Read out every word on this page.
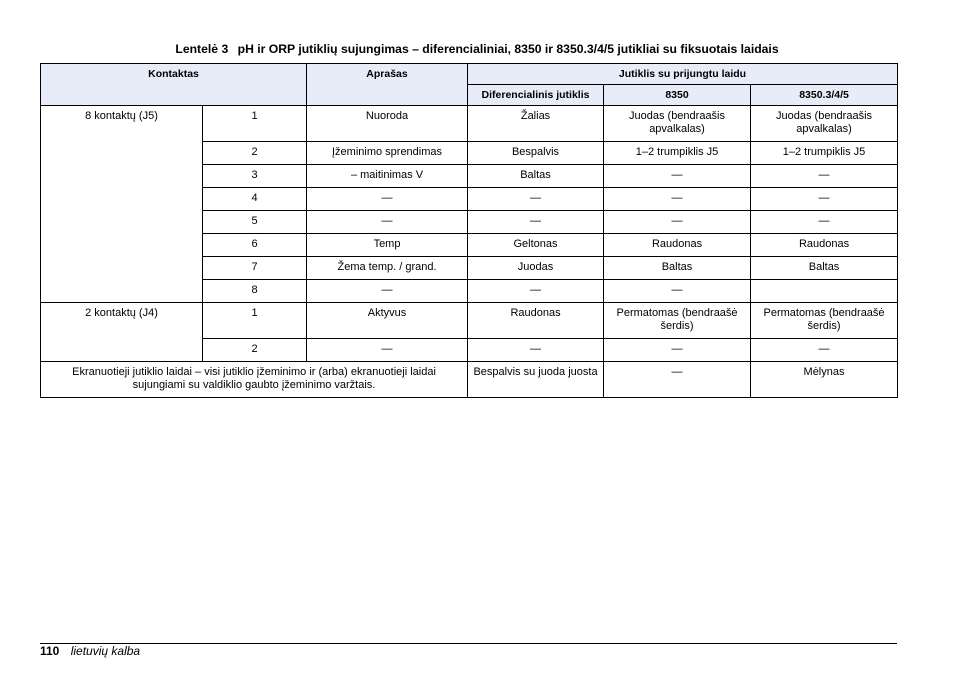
Lentelė 3 pH ir ORP jutiklių sujungimas – diferencialiniai, 8350 ir 8350.3/4/5 jutikliai su fiksuotais laidais
Kontaktas		Aprašas	Jutiklis su prijungtu laidu		
			Diferencialinis jutiklis	8350	8350.3/4/5
8 kontaktų (J5)	1	Nuoroda	Žalias	Juodas (bendraašis apvalkalas)	Juodas (bendraašis apvalkalas)
	2	Įžeminimo sprendimas	Bespalvis	1–2 trumpiklis J5	1–2 trumpiklis J5
	3	– maitinimas V	Baltas	—	—
	4	—	—	—	—
	5	—	—	—	—
	6	Temp	Geltonas	Raudonas	Raudonas
	7	Žema temp. / grand.	Juodas	Baltas	Baltas
	8	—	—	—	
2 kontaktų (J4)	1	Aktyvus	Raudonas	Permatomas (bendraašė šerdis)	Permatomas (bendraašė šerdis)
	2	—	—	—	—
Ekranuotieji jutiklio laidai – visi jutiklio įžeminimo ir (arba) ekranuotieji laidai sujungiami su valdiklio gaubto įžeminimo varžtais.			Bespalvis su juoda juosta	—	Mėlynas
110 lietuvių kalba
